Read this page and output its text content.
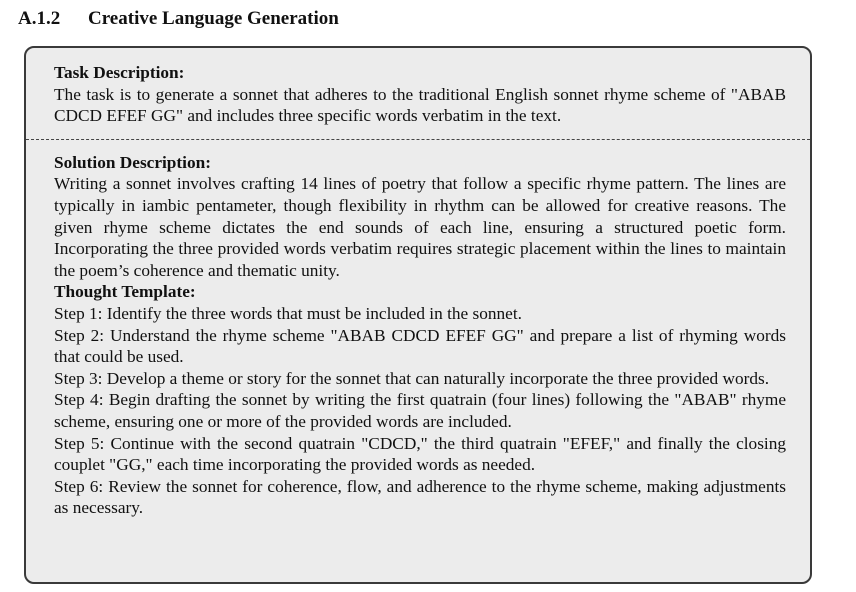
A.1.2 Creative Language Generation
Task Description:
The task is to generate a sonnet that adheres to the traditional English sonnet rhyme scheme of "ABAB CDCD EFEF GG" and includes three specific words verbatim in the text.
Solution Description:
Writing a sonnet involves crafting 14 lines of poetry that follow a specific rhyme pattern. The lines are typically in iambic pentameter, though flexibility in rhythm can be allowed for creative reasons. The given rhyme scheme dictates the end sounds of each line, ensuring a structured poetic form. Incorporating the three provided words verbatim requires strategic placement within the lines to maintain the poem’s coherence and thematic unity.
Thought Template:
Step 1: Identify the three words that must be included in the sonnet.
Step 2: Understand the rhyme scheme "ABAB CDCD EFEF GG" and prepare a list of rhyming words that could be used.
Step 3: Develop a theme or story for the sonnet that can naturally incorporate the three provided words.
Step 4: Begin drafting the sonnet by writing the first quatrain (four lines) following the "ABAB" rhyme scheme, ensuring one or more of the provided words are included.
Step 5: Continue with the second quatrain "CDCD," the third quatrain "EFEF," and finally the closing couplet "GG," each time incorporating the provided words as needed.
Step 6: Review the sonnet for coherence, flow, and adherence to the rhyme scheme, making adjustments as necessary.
